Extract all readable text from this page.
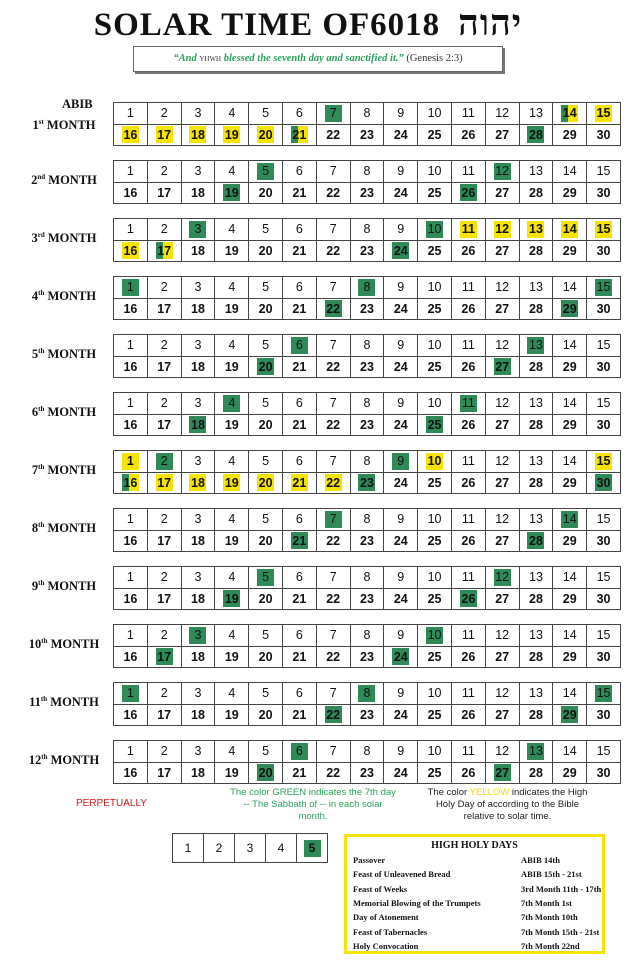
SOLAR TIME OF יהוה6018
“And YHWH blessed the seventh day and sanctified it.” (Genesis 2:3)
ABIB
1st MONTH
1	2	3	4	5	6	7	8	9	10	11	12	13	14	15
16	17	18	19	20	21	22	23	24	25	26	27	28	29	30
2nd MONTH
1	2	3	4	5	6	7	8	9	10	11	12	13	14	15
16	17	18	19	20	21	22	23	24	25	26	27	28	29	30
3rd MONTH
1	2	3	4	5	6	7	8	9	10	11	12	13	14	15
16	17	18	19	20	21	22	23	24	25	26	27	28	29	30
4th MONTH
1	2	3	4	5	6	7	8	9	10	11	12	13	14	15
16	17	18	19	20	21	22	23	24	25	26	27	28	29	30
5th MONTH
1	2	3	4	5	6	7	8	9	10	11	12	13	14	15
16	17	18	19	20	21	22	23	24	25	26	27	28	29	30
6th MONTH
1	2	3	4	5	6	7	8	9	10	11	12	13	14	15
16	17	18	19	20	21	22	23	24	25	26	27	28	29	30
7th MONTH
1	2	3	4	5	6	7	8	9	10	11	12	13	14	15
16	17	18	19	20	21	22	23	24	25	26	27	28	29	30
8th MONTH
1	2	3	4	5	6	7	8	9	10	11	12	13	14	15
16	17	18	19	20	21	22	23	24	25	26	27	28	29	30
9th MONTH
1	2	3	4	5	6	7	8	9	10	11	12	13	14	15
16	17	18	19	20	21	22	23	24	25	26	27	28	29	30
10th MONTH
1	2	3	4	5	6	7	8	9	10	11	12	13	14	15
16	17	18	19	20	21	22	23	24	25	26	27	28	29	30
11th MONTH
1	2	3	4	5	6	7	8	9	10	11	12	13	14	15
16	17	18	19	20	21	22	23	24	25	26	27	28	29	30
12th MONTH
1	2	3	4	5	6	7	8	9	10	11	12	13	14	15
16	17	18	19	20	21	22	23	24	25	26	27	28	29	30
PERPETUALLY
The color GREEN indicates the 7th day -- The Sabbath of -- in each solar month.
The color YELLOW indicates the High Holy Day of according to the Bible relative to solar time.
1	2	3	4	5	HIGH HOLY DAYS
Passover	ABIB 14th
Feast of Unleavened Bread	ABIB 15th - 21st
Feast of Weeks	3rd Month 11th - 17th
Memorial Blowing of the Trumpets	7th Month 1st
Day of Atonement	7th Month 10th
Feast of Tabernacles	7th Month 15th - 21st
Holy Convocation	7th Month 22nd
